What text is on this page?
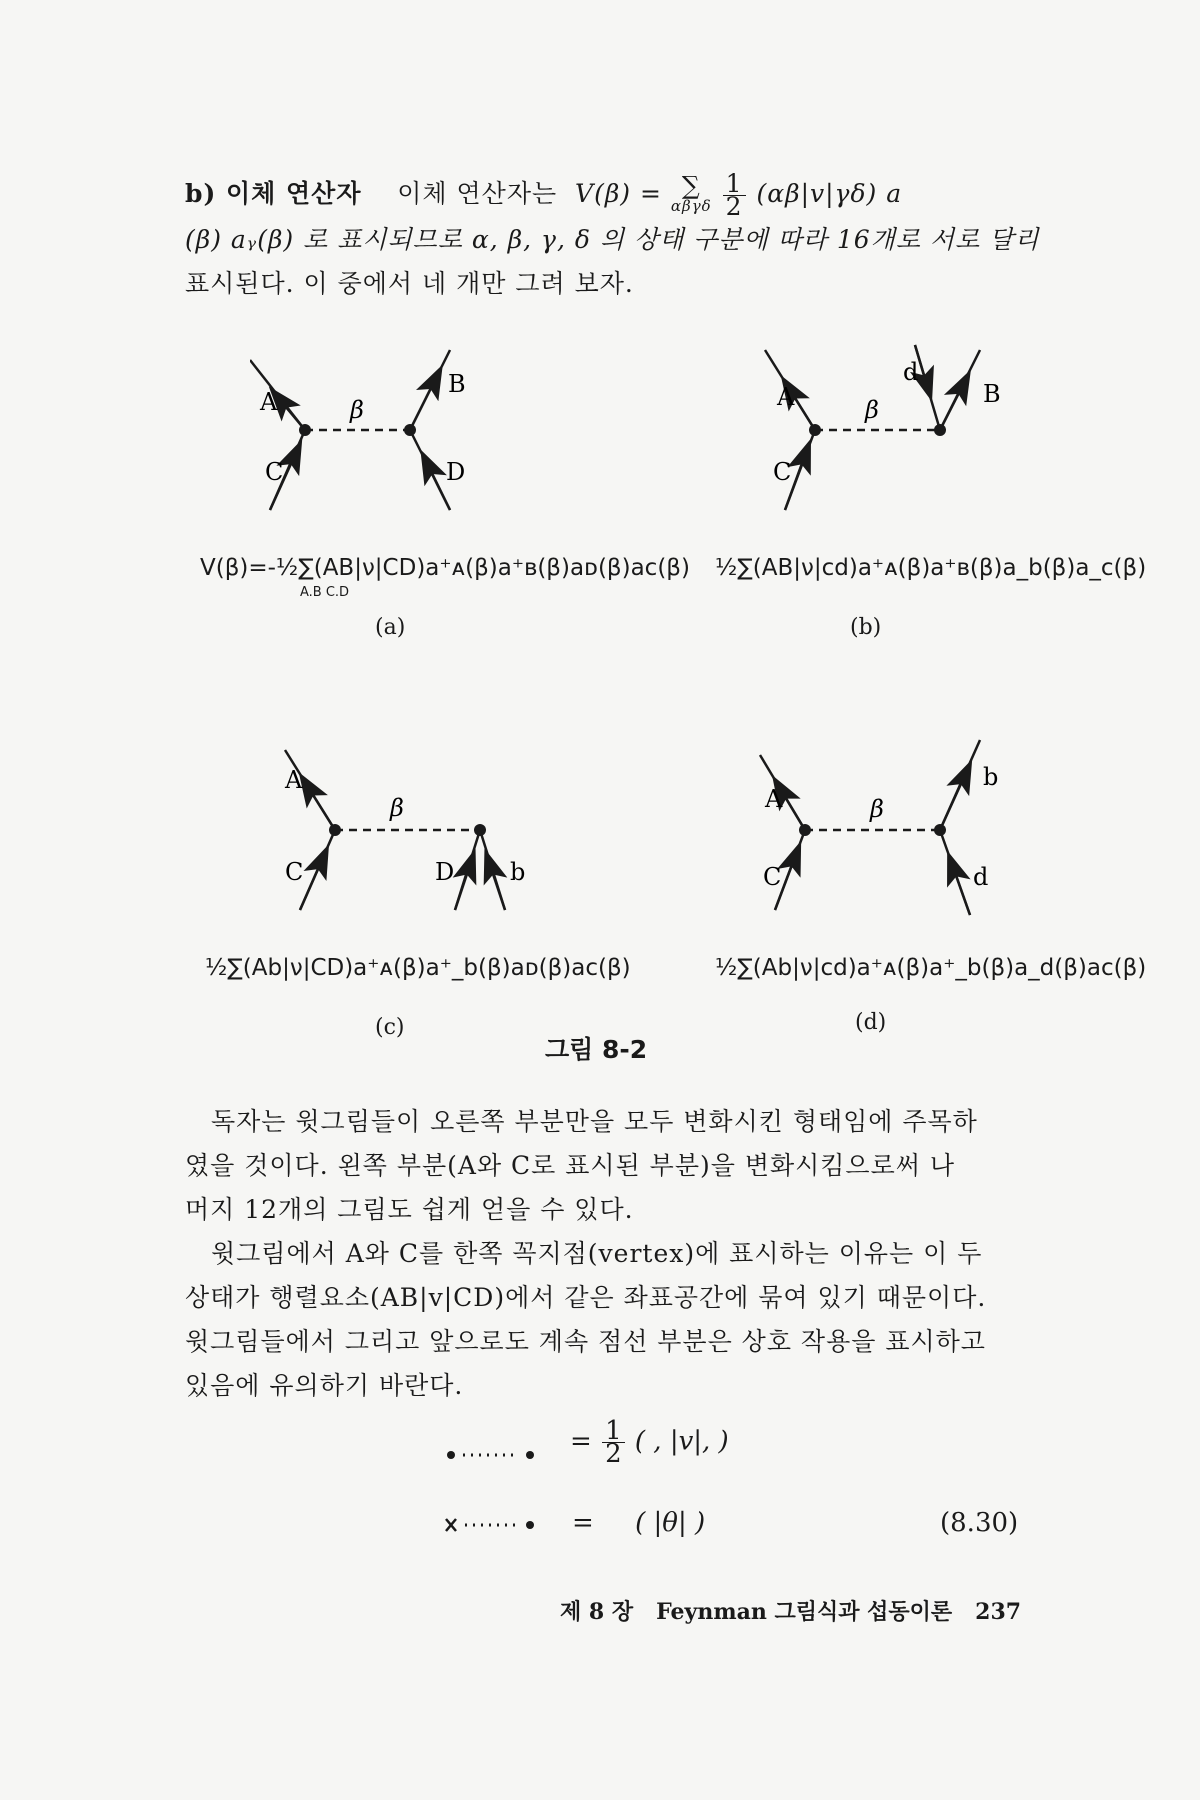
b) 이체 연산자 이체 연산자는 V(β) = ∑
αβγδ
$\frac{1}{2} (\alpha\beta|v|\gamma\delta)$ a
(β) aᵧ(β) 로 표시되므로 α, β, γ, δ 의 상태 구분에 따라 16개로 서로 달리
표시된다. 이 중에서 네 개만 그려 보자.
A
C
B
D
β
V(β)=-½∑(AB|ν|CD)a⁺ᴀ(β)a⁺ʙ(β)aᴅ(β)aᴄ(β)
A.B C.D
(a)
A
C
B
d
β
½∑(AB|ν|cd)a⁺ᴀ(β)a⁺ʙ(β)a_b(β)a_c(β)
(b)
A
C	b
D
β
½∑(Ab|ν|CD)a⁺ᴀ(β)a⁺_b(β)aᴅ(β)aᴄ(β)
(c)
A
C
b
d
β
½∑(Ab|ν|cd)a⁺ᴀ(β)a⁺_b(β)a_d(β)aᴄ(β)
(d)
그림 8-2
독자는 윗그림들이 오른쪽 부분만을 모두 변화시킨 형태임에 주목하
였을 것이다. 왼쪽 부분(A와 C로 표시된 부분)을 변화시킴으로써 나
머지 12개의 그림도 쉽게 얻을 수 있다.
윗그림에서 A와 C를 한쪽 꼭지점(vertex)에 표시하는 이유는 이 두
상태가 행렬요소(AB|v|CD)에서 같은 좌표공간에 묶여 있기 때문이다.
윗그림들에서 그리고 앞으로도 계속 점선 부분은 상호 작용을 표시하고
있음에 유의하기 바란다.
= $\frac{1}{2}$ ( , |v|, )
= ( |θ| )	(8.30)
제 8 장 Feynman 그림식과 섭동이론 237
